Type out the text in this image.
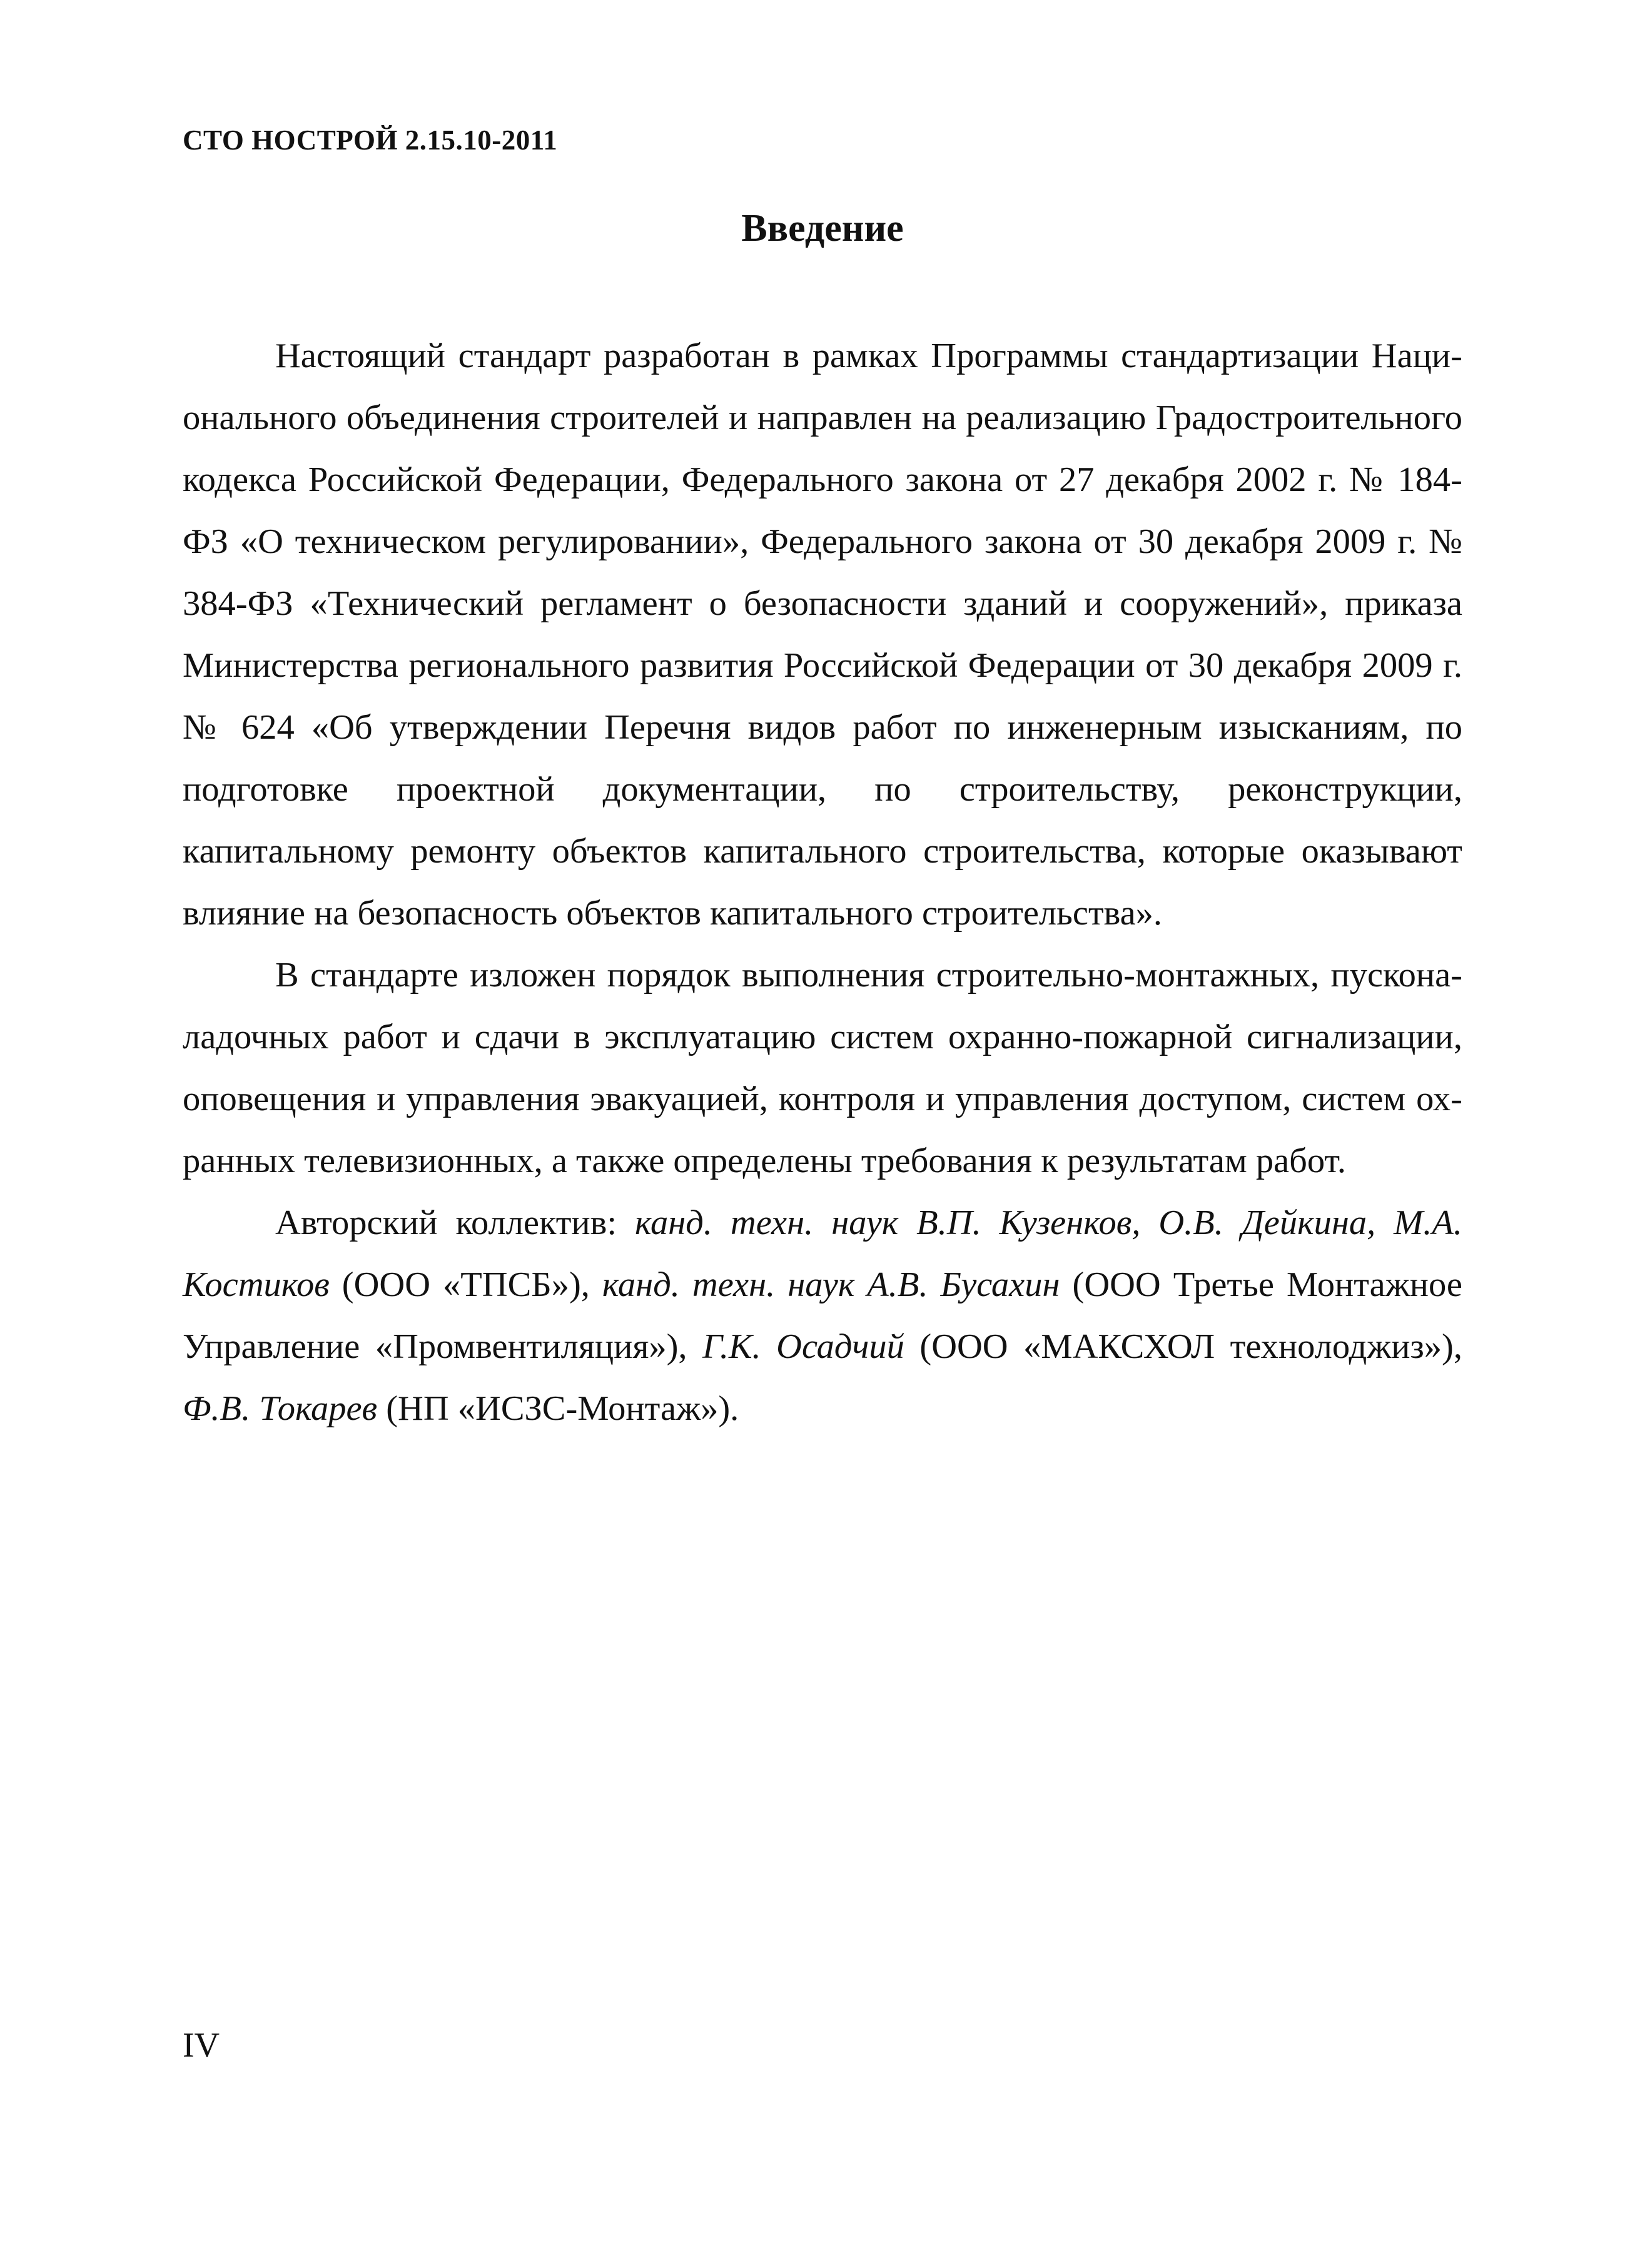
СТО НОСТРОЙ 2.15.10-2011
Введение

Настоящий стандарт разработан в рамках Программы стандартизации Национального объединения строителей и направлен на реализацию Градостроительного кодекса Российской Федерации, Федерального закона от 27 декабря 2002 г. № 184-ФЗ «О техническом регулировании», Федерального закона от 30 декабря 2009 г. № 384-ФЗ «Технический регламент о безопасности зданий и сооружений», приказа Министерства регионального развития Российской Федерации от 30 декабря 2009 г. № 624 «Об утверждении Перечня видов работ по инженерным изысканиям, по подготовке проектной документации, по строительству, реконструкции, капитальному ремонту объектов капитального строительства, которые оказывают влияние на безопасность объектов капитального строительства».

В стандарте изложен порядок выполнения строительно-монтажных, пусконаладочных работ и сдачи в эксплуатацию систем охранно-пожарной сигнализации, оповещения и управления эвакуацией, контроля и управления доступом, систем охранных телевизионных, а также определены требования к результатам работ.

Авторский коллектив: канд. техн. наук В.П. Кузенков, О.В. Дейкина, М.А. Костиков (ООО «ТПСБ»), канд. техн. наук А.В. Бусахин (ООО Третье Монтажное Управление «Промвентиляция»), Г.К. Осадчий (ООО «МАКСХОЛ технолоджиз»), Ф.В. Токарев (НП «ИСЗС-Монтаж»).

IV
